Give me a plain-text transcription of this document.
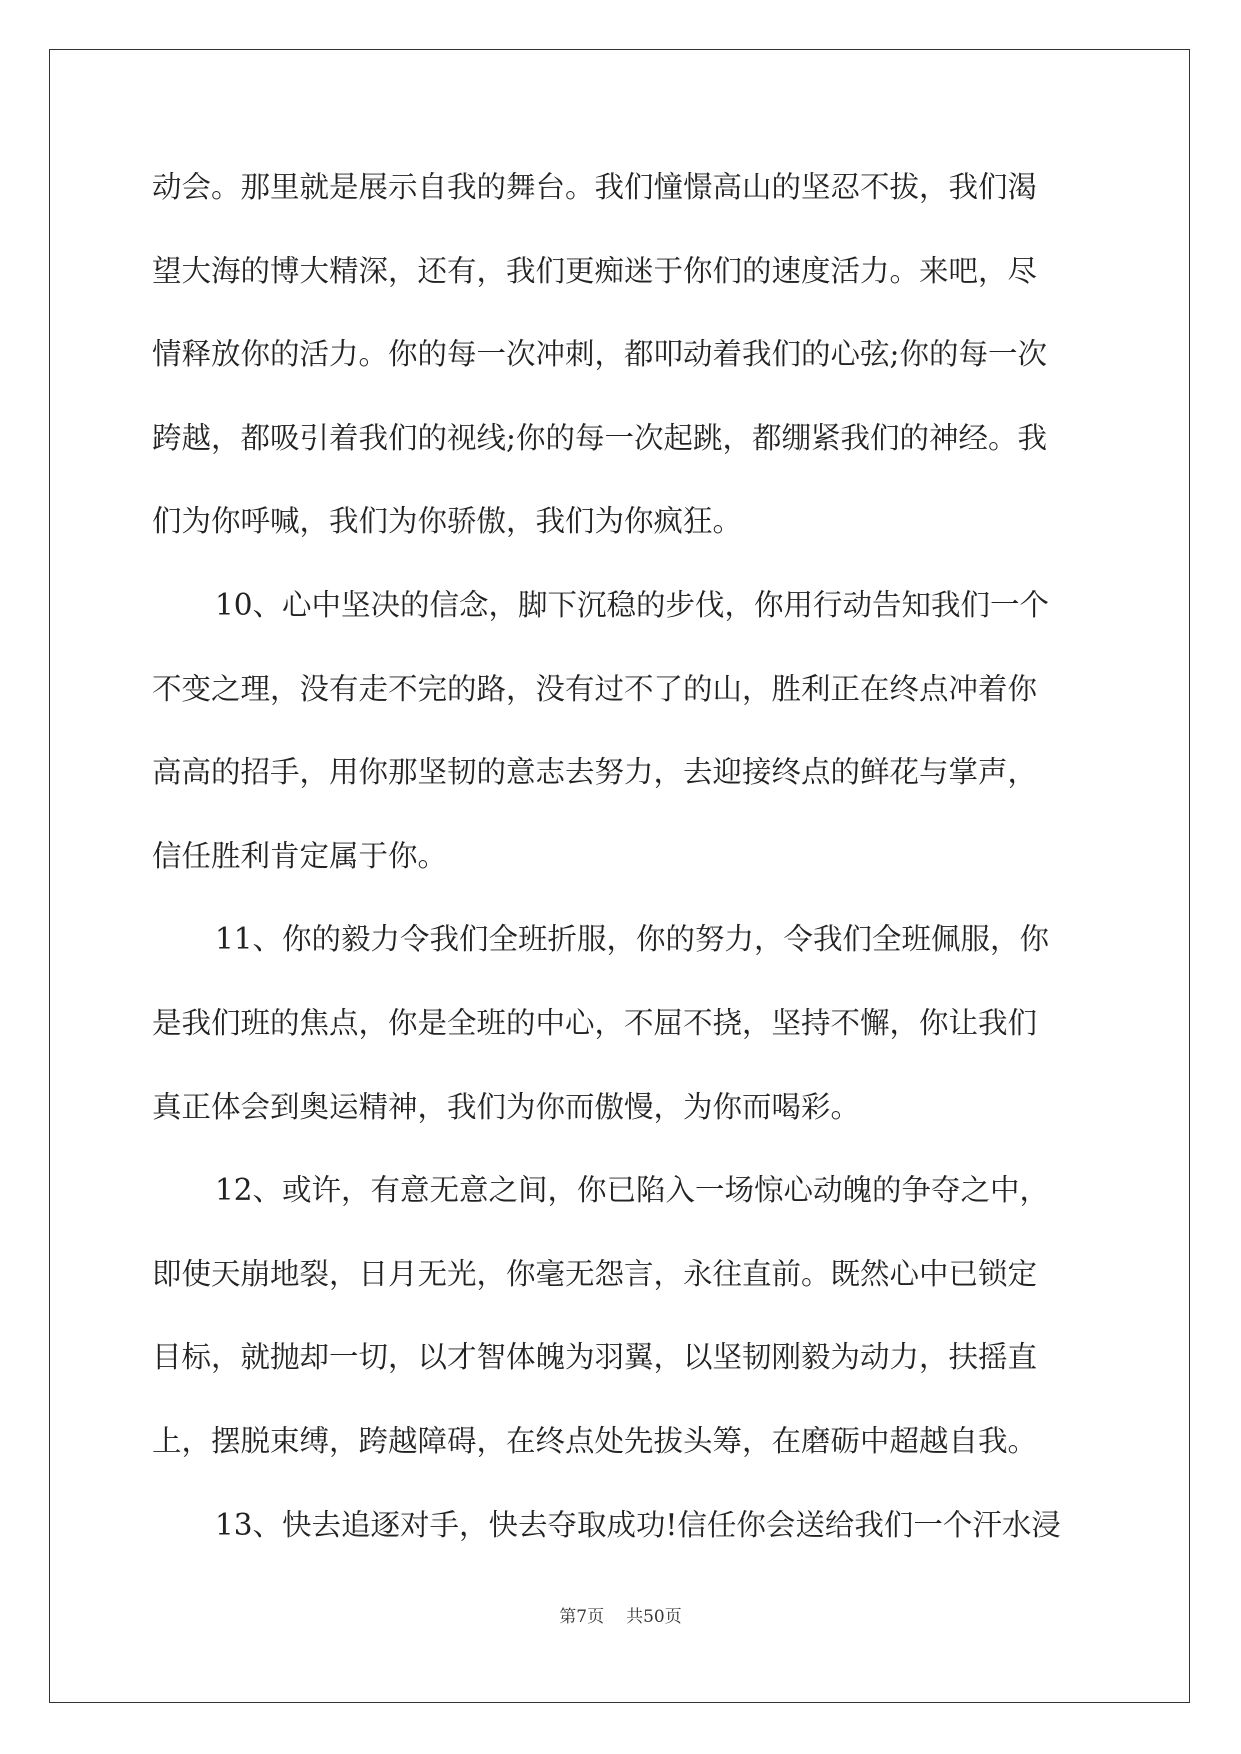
动会。那里就是展示自我的舞台。我们憧憬高山的坚忍不拔，我们渴
望大海的博大精深，还有，我们更痴迷于你们的速度活力。来吧，尽
情释放你的活力。你的每一次冲刺，都叩动着我们的心弦;你的每一次
跨越，都吸引着我们的视线;你的每一次起跳，都绷紧我们的神经。我
们为你呼喊，我们为你骄傲，我们为你疯狂。
10、心中坚决的信念，脚下沉稳的步伐，你用行动告知我们一个
不变之理，没有走不完的路，没有过不了的山，胜利正在终点冲着你
高高的招手，用你那坚韧的意志去努力，去迎接终点的鲜花与掌声，
信任胜利肯定属于你。
11、你的毅力令我们全班折服，你的努力，令我们全班佩服，你
是我们班的焦点，你是全班的中心，不屈不挠，坚持不懈，你让我们
真正体会到奥运精神，我们为你而傲慢，为你而喝彩。
12、或许，有意无意之间，你已陷入一场惊心动魄的争夺之中，
即使天崩地裂，日月无光，你毫无怨言，永往直前。既然心中已锁定
目标，就抛却一切，以才智体魄为羽翼，以坚韧刚毅为动力，扶摇直
上，摆脱束缚，跨越障碍，在终点处先拔头筹，在磨砺中超越自我。
13、快去追逐对手，快去夺取成功!信任你会送给我们一个汗水浸
第7页 共50页
